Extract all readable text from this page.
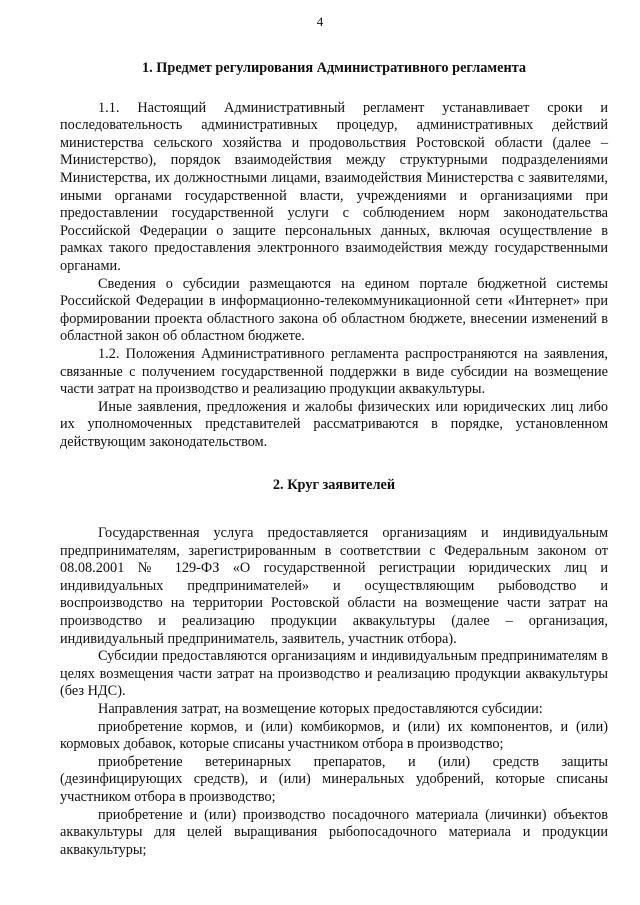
4
1. Предмет регулирования Административного регламента

1.1. Настоящий Административный регламент устанавливает сроки и последовательность административных процедур, административных действий министерства сельского хозяйства и продовольствия Ростовской области (далее – Министерство), порядок взаимодействия между структурными подразделениями Министерства, их должностными лицами, взаимодействия Министерства с заявителями, иными органами государственной власти, учреждениями и организациями при предоставлении государственной услуги с соблюдением норм законодательства Российской Федерации о защите персональных данных, включая осуществление в рамках такого предоставления электронного взаимодействия между государственными органами.

Сведения о субсидии размещаются на едином портале бюджетной системы Российской Федерации в информационно-телекоммуникационной сети «Интернет» при формировании проекта областного закона об областном бюджете, внесении изменений в областной закон об областном бюджете.

1.2. Положения Административного регламента распространяются на заявления, связанные с получением государственной поддержки в виде субсидии на возмещение части затрат на производство и реализацию продукции аквакультуры.

Иные заявления, предложения и жалобы физических или юридических лиц либо их уполномоченных представителей рассматриваются в порядке, установленном действующим законодательством.

2. Круг заявителей

Государственная услуга предоставляется организациям и индивидуальным предпринимателям, зарегистрированным в соответствии с Федеральным законом от 08.08.2001 № 129-ФЗ «О государственной регистрации юридических лиц и индивидуальных предпринимателей» и осуществляющим рыбоводство и воспроизводство на территории Ростовской области на возмещение части затрат на производство и реализацию продукции аквакультуры (далее – организация, индивидуальный предприниматель, заявитель, участник отбора).

Субсидии предоставляются организациям и индивидуальным предпринимателям в целях возмещения части затрат на производство и реализацию продукции аквакультуры (без НДС).

Направления затрат, на возмещение которых предоставляются субсидии:

приобретение кормов, и (или) комбикормов, и (или) их компонентов, и (или) кормовых добавок, которые списаны участником отбора в производство;

приобретение ветеринарных препаратов, и (или) средств защиты (дезинфицирующих средств), и (или) минеральных удобрений, которые списаны участником отбора в производство;

приобретение и (или) производство посадочного материала (личинки) объектов аквакультуры для целей выращивания рыбопосадочного материала и продукции аквакультуры;
